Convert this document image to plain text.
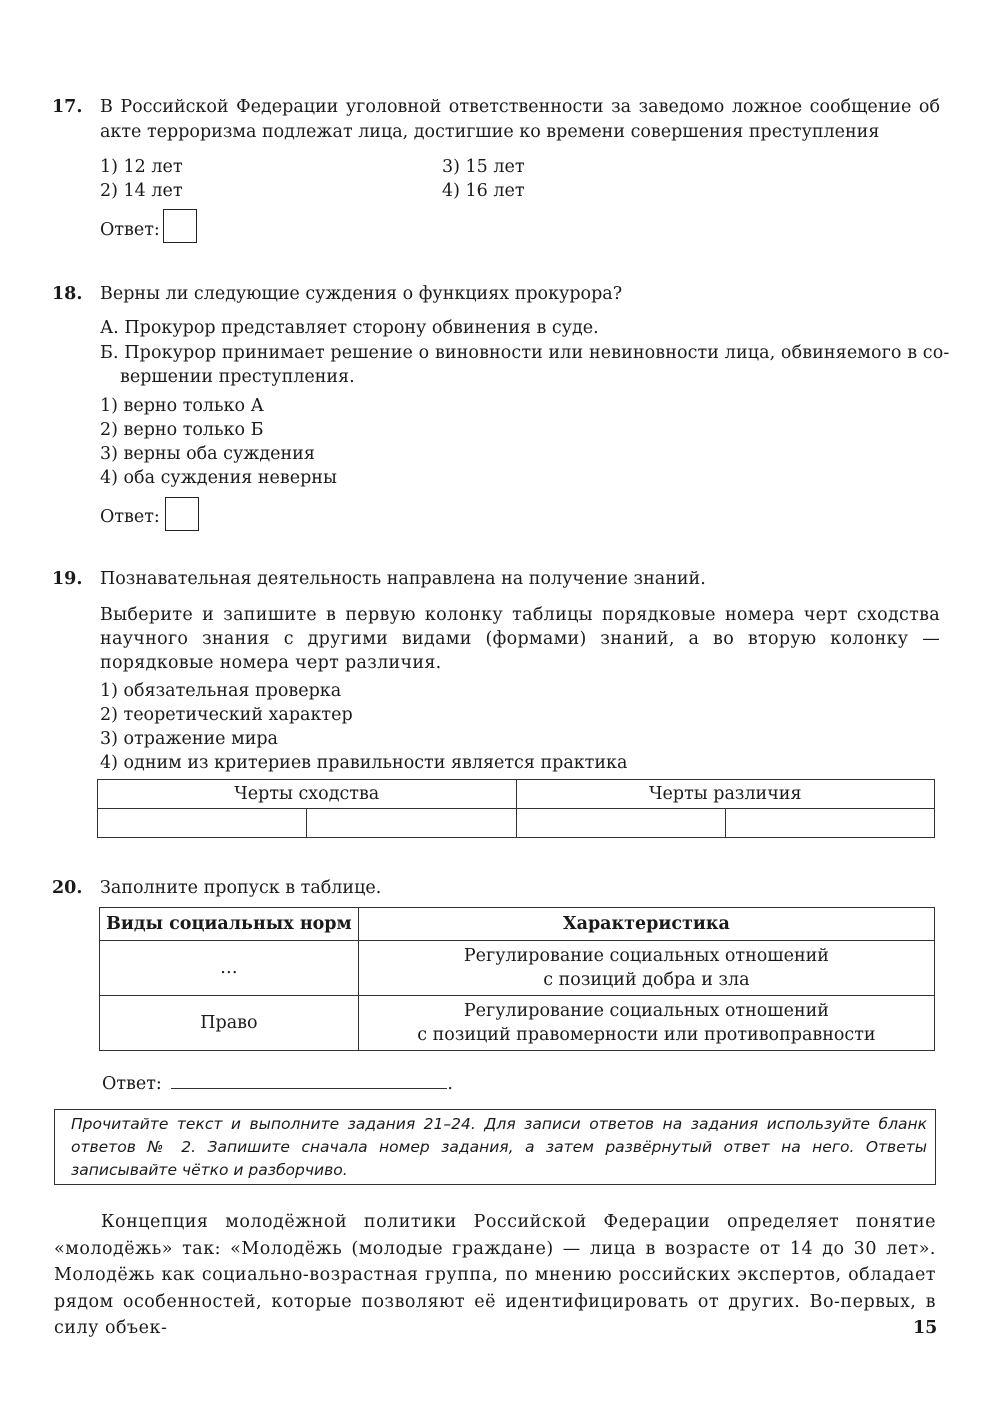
17. В Российской Федерации уголовной ответственности за заведомо ложное сообщение об акте терроризма подлежат лица, достигшие ко времени совершения преступления
1) 12 лет	3) 15 лет
2) 14 лет	4) 16 лет
Ответ:
18. Верны ли следующие суждения о функциях прокурора?
А. Прокурор представляет сторону обвинения в суде.
Б. Прокурор принимает решение о виновности или невиновности лица, обвиняемого в со-
вершении преступления.
1) верно только А
2) верно только Б
3) верны оба суждения
4) оба суждения неверны
Ответ:
19. Познавательная деятельность направлена на получение знаний.
Выберите и запишите в первую колонку таблицы порядковые номера черт сходства научного знания с другими видами (формами) знаний, а во вторую колонку — порядковые номера черт различия.
1) обязательная проверка
2) теоретический характер
3) отражение мира
4) одним из критериев правильности является практика
Черты сходства		Черты различия	

20. Заполните пропуск в таблице.
Виды социальных норм	Характеристика
…	Регулирование социальных отношений
с позиций добра и зла

Право	Регулирование социальных отношений
с позиций правомерности или противоправности
Ответ:	.
Прочитайте текст и выполните задания 21–24. Для записи ответов на задания используйте бланк ответов № 2. Запишите сначала номер задания, а затем развёрнутый ответ на него. Ответы записывайте чётко и разборчиво.
Концепция молодёжной политики Российской Федерации определяет понятие «молодёжь» так: «Молодёжь (молодые граждане) — лица в возрасте от 14 до 30 лет». Молодёжь как социально-возрастная группа, по мнению российских экспертов, обладает рядом особенностей, которые позволяют её идентифицировать от других. Во-первых, в силу объек-	15
